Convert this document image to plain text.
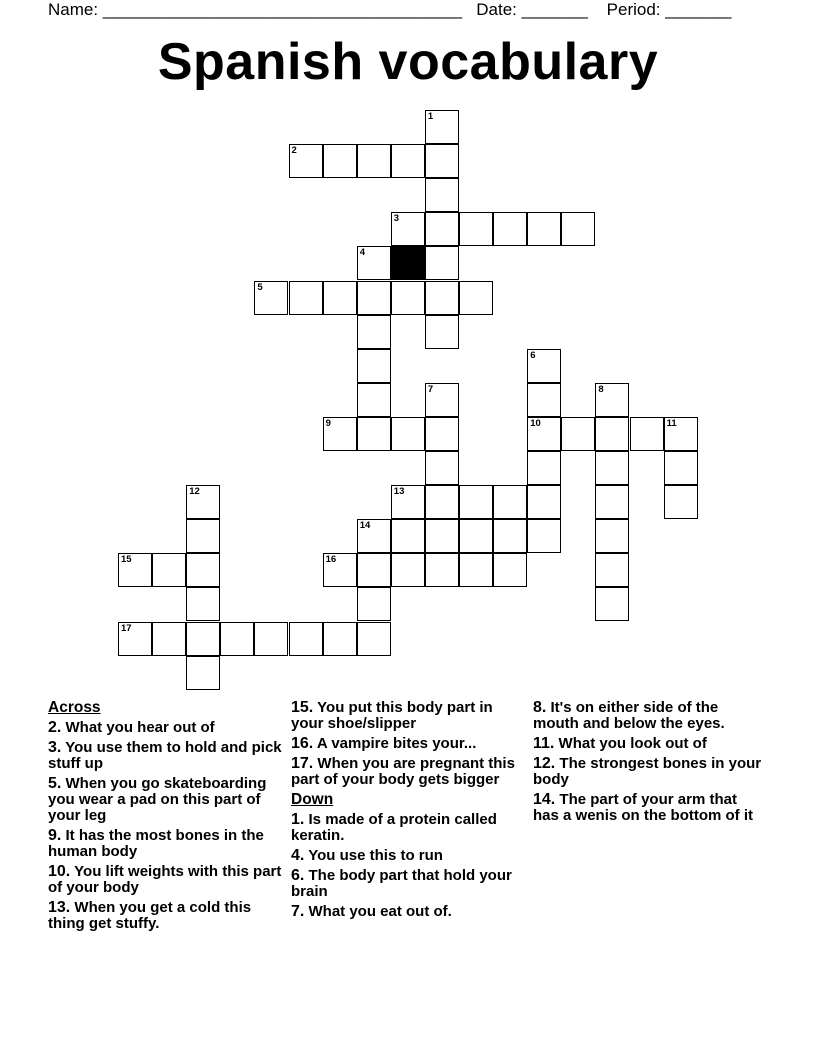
Name: ______________________________________   Date: _______    Period: _______
Spanish vocabulary
1
2
3
4
5
6
7	8
9	10	11
12	13
14
15	16
17
Across
2. What you hear out of
3. You use them to hold and pick stuff up
5. When you go skateboarding you wear a pad on this part of your leg
9. It has the most bones in the human body
10. You lift weights with this part of your body
13. When you get a cold this thing get stuffy.
15. You put this body part in your shoe/slipper
16. A vampire bites your...
17. When you are pregnant this part of your body gets bigger
Down
1. Is made of a protein called keratin.
4. You use this to run
6. The body part that hold your brain
7. What you eat out of.
8. It's on either side of the mouth and below the eyes.
11. What you look out of
12. The strongest bones in your body
14. The part of your arm that has a wenis on the bottom of it
